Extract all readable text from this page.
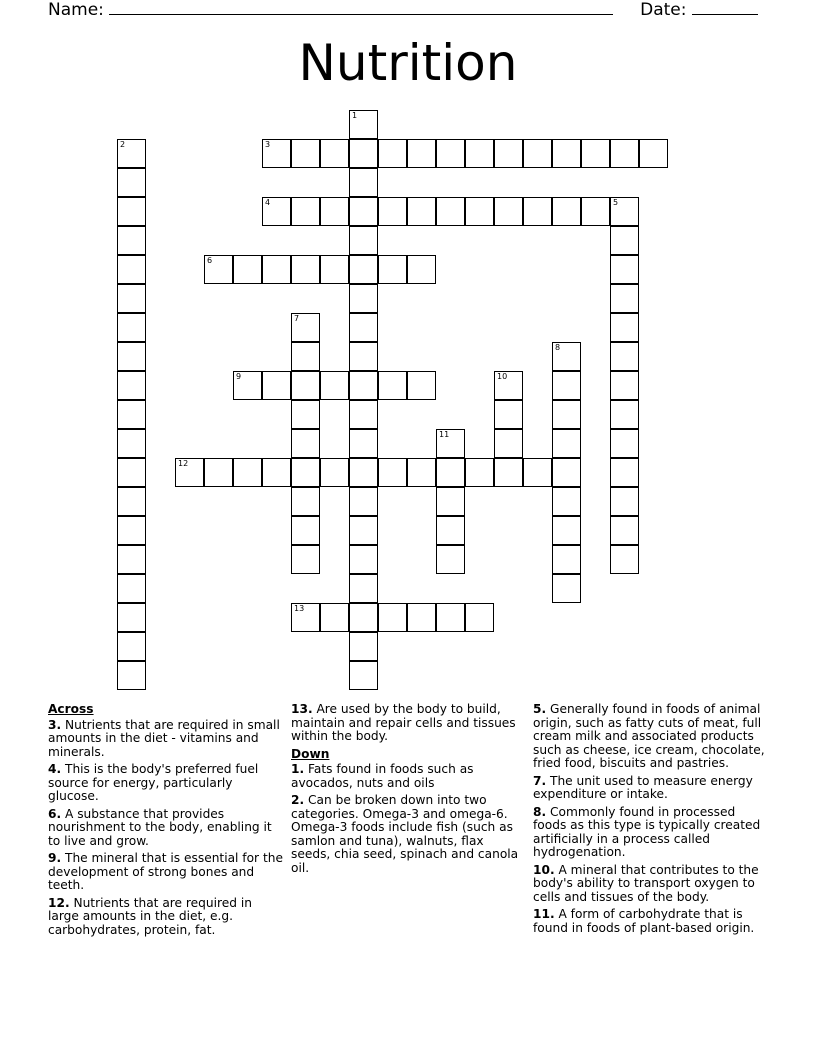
Name:	Date:
Nutrition
1
2	3
4	5
6
7
8
9	10
11
12
13
Across
3. Nutrients that are required in small amounts in the diet - vitamins and minerals.
4. This is the body's preferred fuel source for energy, particularly glucose.
6. A substance that provides nourishment to the body, enabling it to live and grow.
9. The mineral that is essential for the development of strong bones and teeth.
12. Nutrients that are required in large amounts in the diet, e.g. carbohydrates, protein, fat.
13. Are used by the body to build, maintain and repair cells and tissues within the body.
Down
1. Fats found in foods such as avocados, nuts and oils
2. Can be broken down into two categories. Omega-3 and omega-6. Omega-3 foods include fish (such as samlon and tuna), walnuts, flax seeds, chia seed, spinach and canola oil.
5. Generally found in foods of animal origin, such as fatty cuts of meat, full cream milk and associated products such as cheese, ice cream, chocolate, fried food, biscuits and pastries.
7. The unit used to measure energy expenditure or intake.
8. Commonly found in processed foods as this type is typically created artificially in a process called hydrogenation.
10. A mineral that contributes to the body's ability to transport oxygen to cells and tissues of the body.
11. A form of carbohydrate that is found in foods of plant-based origin.
